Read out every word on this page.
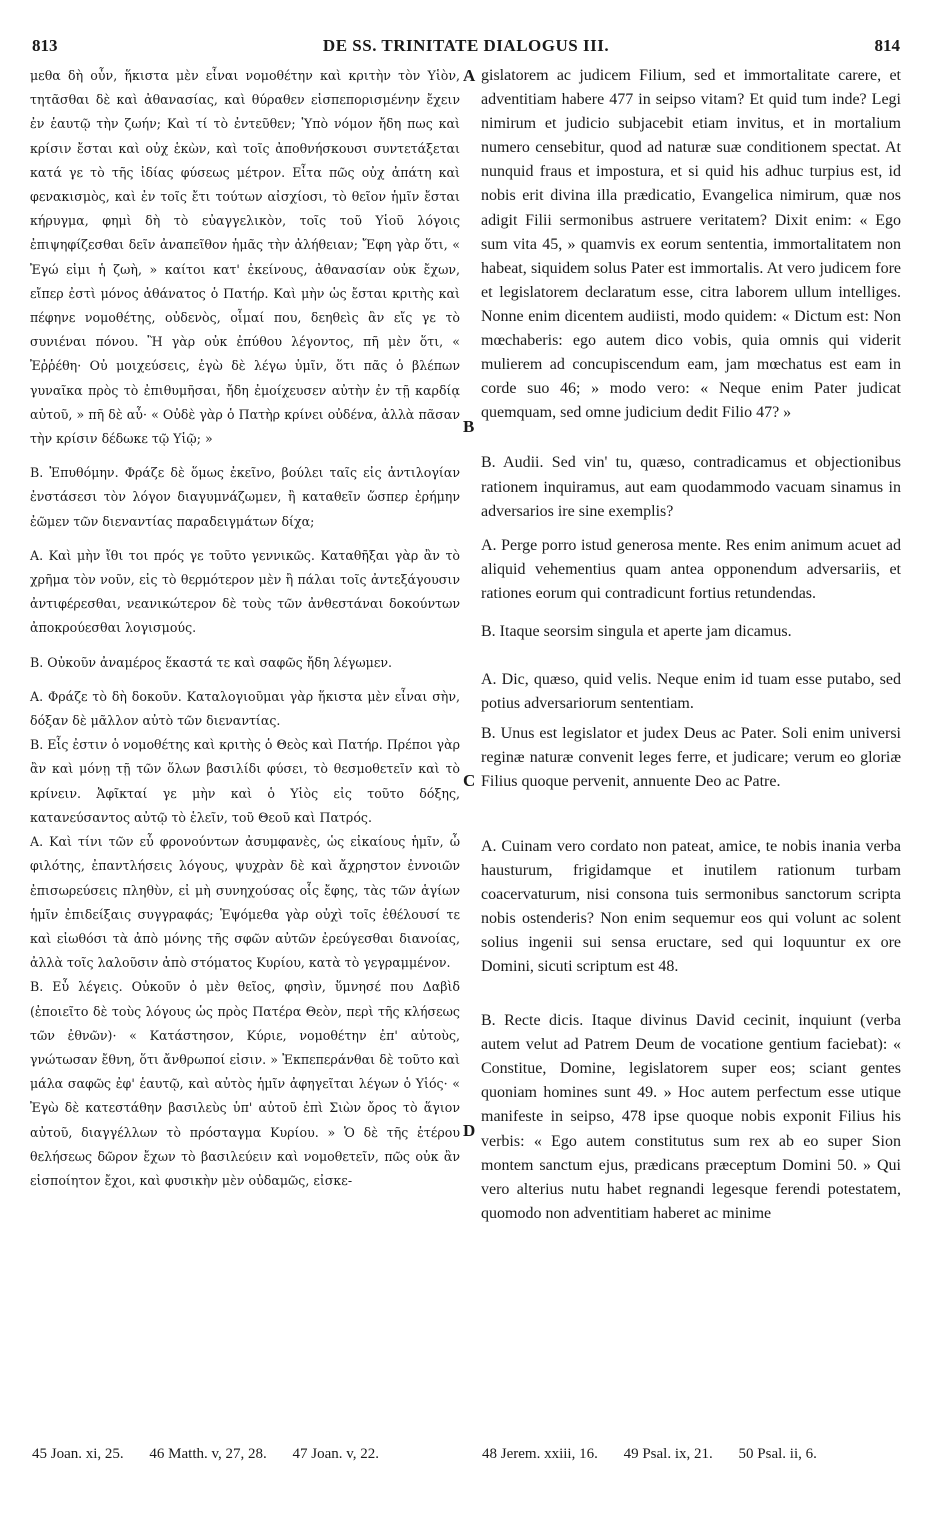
813	DE SS. TRINITATE DIALOGUS III.	814

μεθα δὴ οὖν, ἥκιστα μὲν εἶναι νομοθέτην καὶ κριτὴν τὸν Υἱὸν, τητᾶσθαι δὲ καὶ ἀθανασίας, καὶ θύραθεν εἰσπεπορισμένην ἔχειν ἐν ἑαυτῷ τὴν ζωήν; Καὶ τί τὸ ἐντεῦθεν; Ὑπὸ νόμον ἤδη πως καὶ κρίσιν ἔσται καὶ οὐχ ἑκὼν, καὶ τοῖς ἀποθνήσκουσι συντετάξεται κατά γε τὸ τῆς ἰδίας φύσεως μέτρον. Εἶτα πῶς οὐχ ἀπάτη καὶ φενακισμὸς, καὶ ἐν τοῖς ἔτι τούτων αἰσχίοσι, τὸ θεῖον ἡμῖν ἔσται κήρυγμα, φημὶ δὴ τὸ εὐαγγελικὸν, τοῖς τοῦ Υἱοῦ λόγοις ἐπιψηφίζεσθαι δεῖν ἀναπεῖθον ἡμᾶς τὴν ἀλήθειαν; Ἔφη γὰρ ὅτι, « Ἐγώ εἰμι ἡ ζωὴ, » καίτοι κατ' ἐκείνους, ἀθανασίαν οὐκ ἔχων, εἴπερ ἐστὶ μόνος ἀθάνατος ὁ Πατήρ. Καὶ μὴν ὡς ἔσται κριτὴς καὶ πέφηνε νομοθέτης, οὐδενὸς, οἶμαί που, δεηθεὶς ἂν εἴς γε τὸ συνιέναι πόνου. Ἢ γὰρ οὐκ ἐπύθου λέγοντος, πῆ μὲν ὅτι, « Ἐῤῥέθη· Οὐ μοιχεύσεις, ἐγὼ δὲ λέγω ὑμῖν, ὅτι πᾶς ὁ βλέπων γυναῖκα πρὸς τὸ ἐπιθυμῆσαι, ἤδη ἐμοίχευσεν αὐτὴν ἐν τῇ καρδίᾳ αὐτοῦ, » πῆ δὲ αὖ· « Οὐδὲ γὰρ ὁ Πατὴρ κρίνει οὐδένα, ἀλλὰ πᾶσαν τὴν κρίσιν δέδωκε τῷ Υἱῷ; »

Β. Ἐπυθόμην. Φράζε δὲ ὅμως ἐκεῖνο, βούλει ταῖς εἰς ἀντιλογίαν ἐνστάσεσι τὸν λόγον διαγυμνάζωμεν, ἢ καταθεῖν ὥσπερ ἐρήμην ἐῶμεν τῶν διεναντίας παραδειγμάτων δίχα;

Α. Καὶ μὴν ἴθι τοι πρός γε τοῦτο γεννικῶς. Καταθῆξαι γὰρ ἂν τὸ χρῆμα τὸν νοῦν, εἰς τὸ θερμότερον μὲν ἢ πάλαι τοῖς ἀντεξάγουσιν ἀντιφέρεσθαι, νεανικώτερον δὲ τοὺς τῶν ἀνθεστάναι δοκούντων ἀποκρούεσθαι λογισμούς.

Β. Οὐκοῦν ἀναμέρος ἕκαστά τε καὶ σαφῶς ἤδη λέγωμεν.

Α. Φράζε τὸ δὴ δοκοῦν. Καταλογιοῦμαι γὰρ ἥκιστα μὲν εἶναι σὴν, δόξαν δὲ μᾶλλον αὐτὸ τῶν διεναντίας.

Β. Εἷς ἐστιν ὁ νομοθέτης καὶ κριτὴς ὁ Θεὸς καὶ Πατήρ. Πρέποι γὰρ ἂν καὶ μόνῃ τῇ τῶν ὅλων βασιλίδι φύσει, τὸ θεσμοθετεῖν καὶ τὸ κρίνειν. Ἀφῖκταί γε μὴν καὶ ὁ Υἱὸς εἰς τοῦτο δόξης, κατανεύσαντος αὐτῷ τὸ ἑλεῖν, τοῦ Θεοῦ καὶ Πατρός.

Α. Καὶ τίνι τῶν εὖ φρονούντων ἀσυμφανὲς, ὡς εἰκαίους ἡμῖν, ὦ φιλότης, ἐπαντλήσεις λόγους, ψυχρὰν δὲ καὶ ἄχρηστον ἐννοιῶν ἐπισωρεύσεις πληθὺν, εἰ μὴ συνηχούσας οἷς ἔφης, τὰς τῶν ἁγίων ἡμῖν ἐπιδείξαις συγγραφάς; Ἑψόμεθα γὰρ οὐχὶ τοῖς ἐθέλουσί τε καὶ εἰωθόσι τὰ ἀπὸ μόνης τῆς σφῶν αὐτῶν ἐρεύγεσθαι διανοίας, ἀλλὰ τοῖς λαλοῦσιν ἀπὸ στόματος Κυρίου, κατὰ τὸ γεγραμμένον.

Β. Εὖ λέγεις. Οὐκοῦν ὁ μὲν θεῖος, φησὶν, ὕμνησέ που Δαβὶδ (ἐποιεῖτο δὲ τοὺς λόγους ὡς πρὸς Πατέρα Θεὸν, περὶ τῆς κλήσεως τῶν ἐθνῶν)· « Κατάστησον, Κύριε, νομοθέτην ἐπ' αὐτοὺς, γνώτωσαν ἔθνη, ὅτι ἄνθρωποί εἰσιν. » Ἐκπεπεράνθαι δὲ τοῦτο καὶ μάλα σαφῶς ἐφ' ἑαυτῷ, καὶ αὐτὸς ἡμῖν ἀφηγεῖται λέγων ὁ Υἱός· « Ἐγὼ δὲ κατεστάθην βασιλεὺς ὑπ' αὐτοῦ ἐπὶ Σιὼν ὄρος τὸ ἅγιον αὐτοῦ, διαγγέλλων τὸ πρόσταγμα Κυρίου. » Ὁ δὲ τῆς ἑτέρου θελήσεως δῶρον ἔχων τὸ βασιλεύειν καὶ νομοθετεῖν, πῶς οὐκ ἂν εἰσποίητον ἔχοι, καὶ φυσικὴν μὲν οὐδαμῶς, εἰσκε-

A
B
C
D

gislatorem ac judicem Filium, sed et immortalitate carere, et adventitiam habere 477 in seipso vitam? Et quid tum inde? Legi nimirum et judicio subjacebit etiam invitus, et in mortalium numero censebitur, quod ad naturæ suæ conditionem spectat. At nunquid fraus et impostura, et si quid his adhuc turpius est, id nobis erit divina illa prædicatio, Evangelica nimirum, quæ nos adigit Filii sermonibus astruere veritatem? Dixit enim: « Ego sum vita 45, » quamvis ex eorum sententia, immortalitatem non habeat, siquidem solus Pater est immortalis. At vero judicem fore et legislatorem declaratum esse, citra laborem ullum intelliges. Nonne enim dicentem audiisti, modo quidem: « Dictum est: Non mœchaberis: ego autem dico vobis, quia omnis qui viderit mulierem ad concupiscendum eam, jam mœchatus est eam in corde suo 46; » modo vero: « Neque enim Pater judicat quemquam, sed omne judicium dedit Filio 47? »

B. Audii. Sed vin' tu, quæso, contradicamus et objectionibus rationem inquiramus, aut eam quodammodo vacuam sinamus in adversarios ire sine exemplis?

A. Perge porro istud generosa mente. Res enim animum acuet ad aliquid vehementius quam antea opponendum adversariis, et rationes eorum qui contradicunt fortius retundendas.

B. Itaque seorsim singula et aperte jam dicamus.

A. Dic, quæso, quid velis. Neque enim id tuam esse putabo, sed potius adversariorum sententiam.

B. Unus est legislator et judex Deus ac Pater. Soli enim universi reginæ naturæ convenit leges ferre, et judicare; verum eo gloriæ Filius quoque pervenit, annuente Deo ac Patre.

A. Cuinam vero cordato non pateat, amice, te nobis inania verba hausturum, frigidamque et inutilem rationum turbam coacervaturum, nisi consona tuis sermonibus sanctorum scripta nobis ostenderis? Non enim sequemur eos qui volunt ac solent solius ingenii sui sensa eructare, sed qui loquuntur ex ore Domini, sicuti scriptum est 48.

B. Recte dicis. Itaque divinus David cecinit, inquiunt (verba autem velut ad Patrem Deum de vocatione gentium faciebat): « Constitue, Domine, legislatorem super eos; sciant gentes quoniam homines sunt 49. » Hoc autem perfectum esse utique manifeste in seipso, 478 ipse quoque nobis exponit Filius his verbis: « Ego autem constitutus sum rex ab eo super Sion montem sanctum ejus, prædicans præceptum Domini 50. » Qui vero alterius nutu habet regnandi legesque ferendi potestatem, quomodo non adventitiam haberet ac minime

45 Joan. xi, 25. 46 Matth. v, 27, 28. 47 Joan. v, 22.	48 Jerem. xxiii, 16. 49 Psal. ix, 21. 50 Psal. ii, 6.
